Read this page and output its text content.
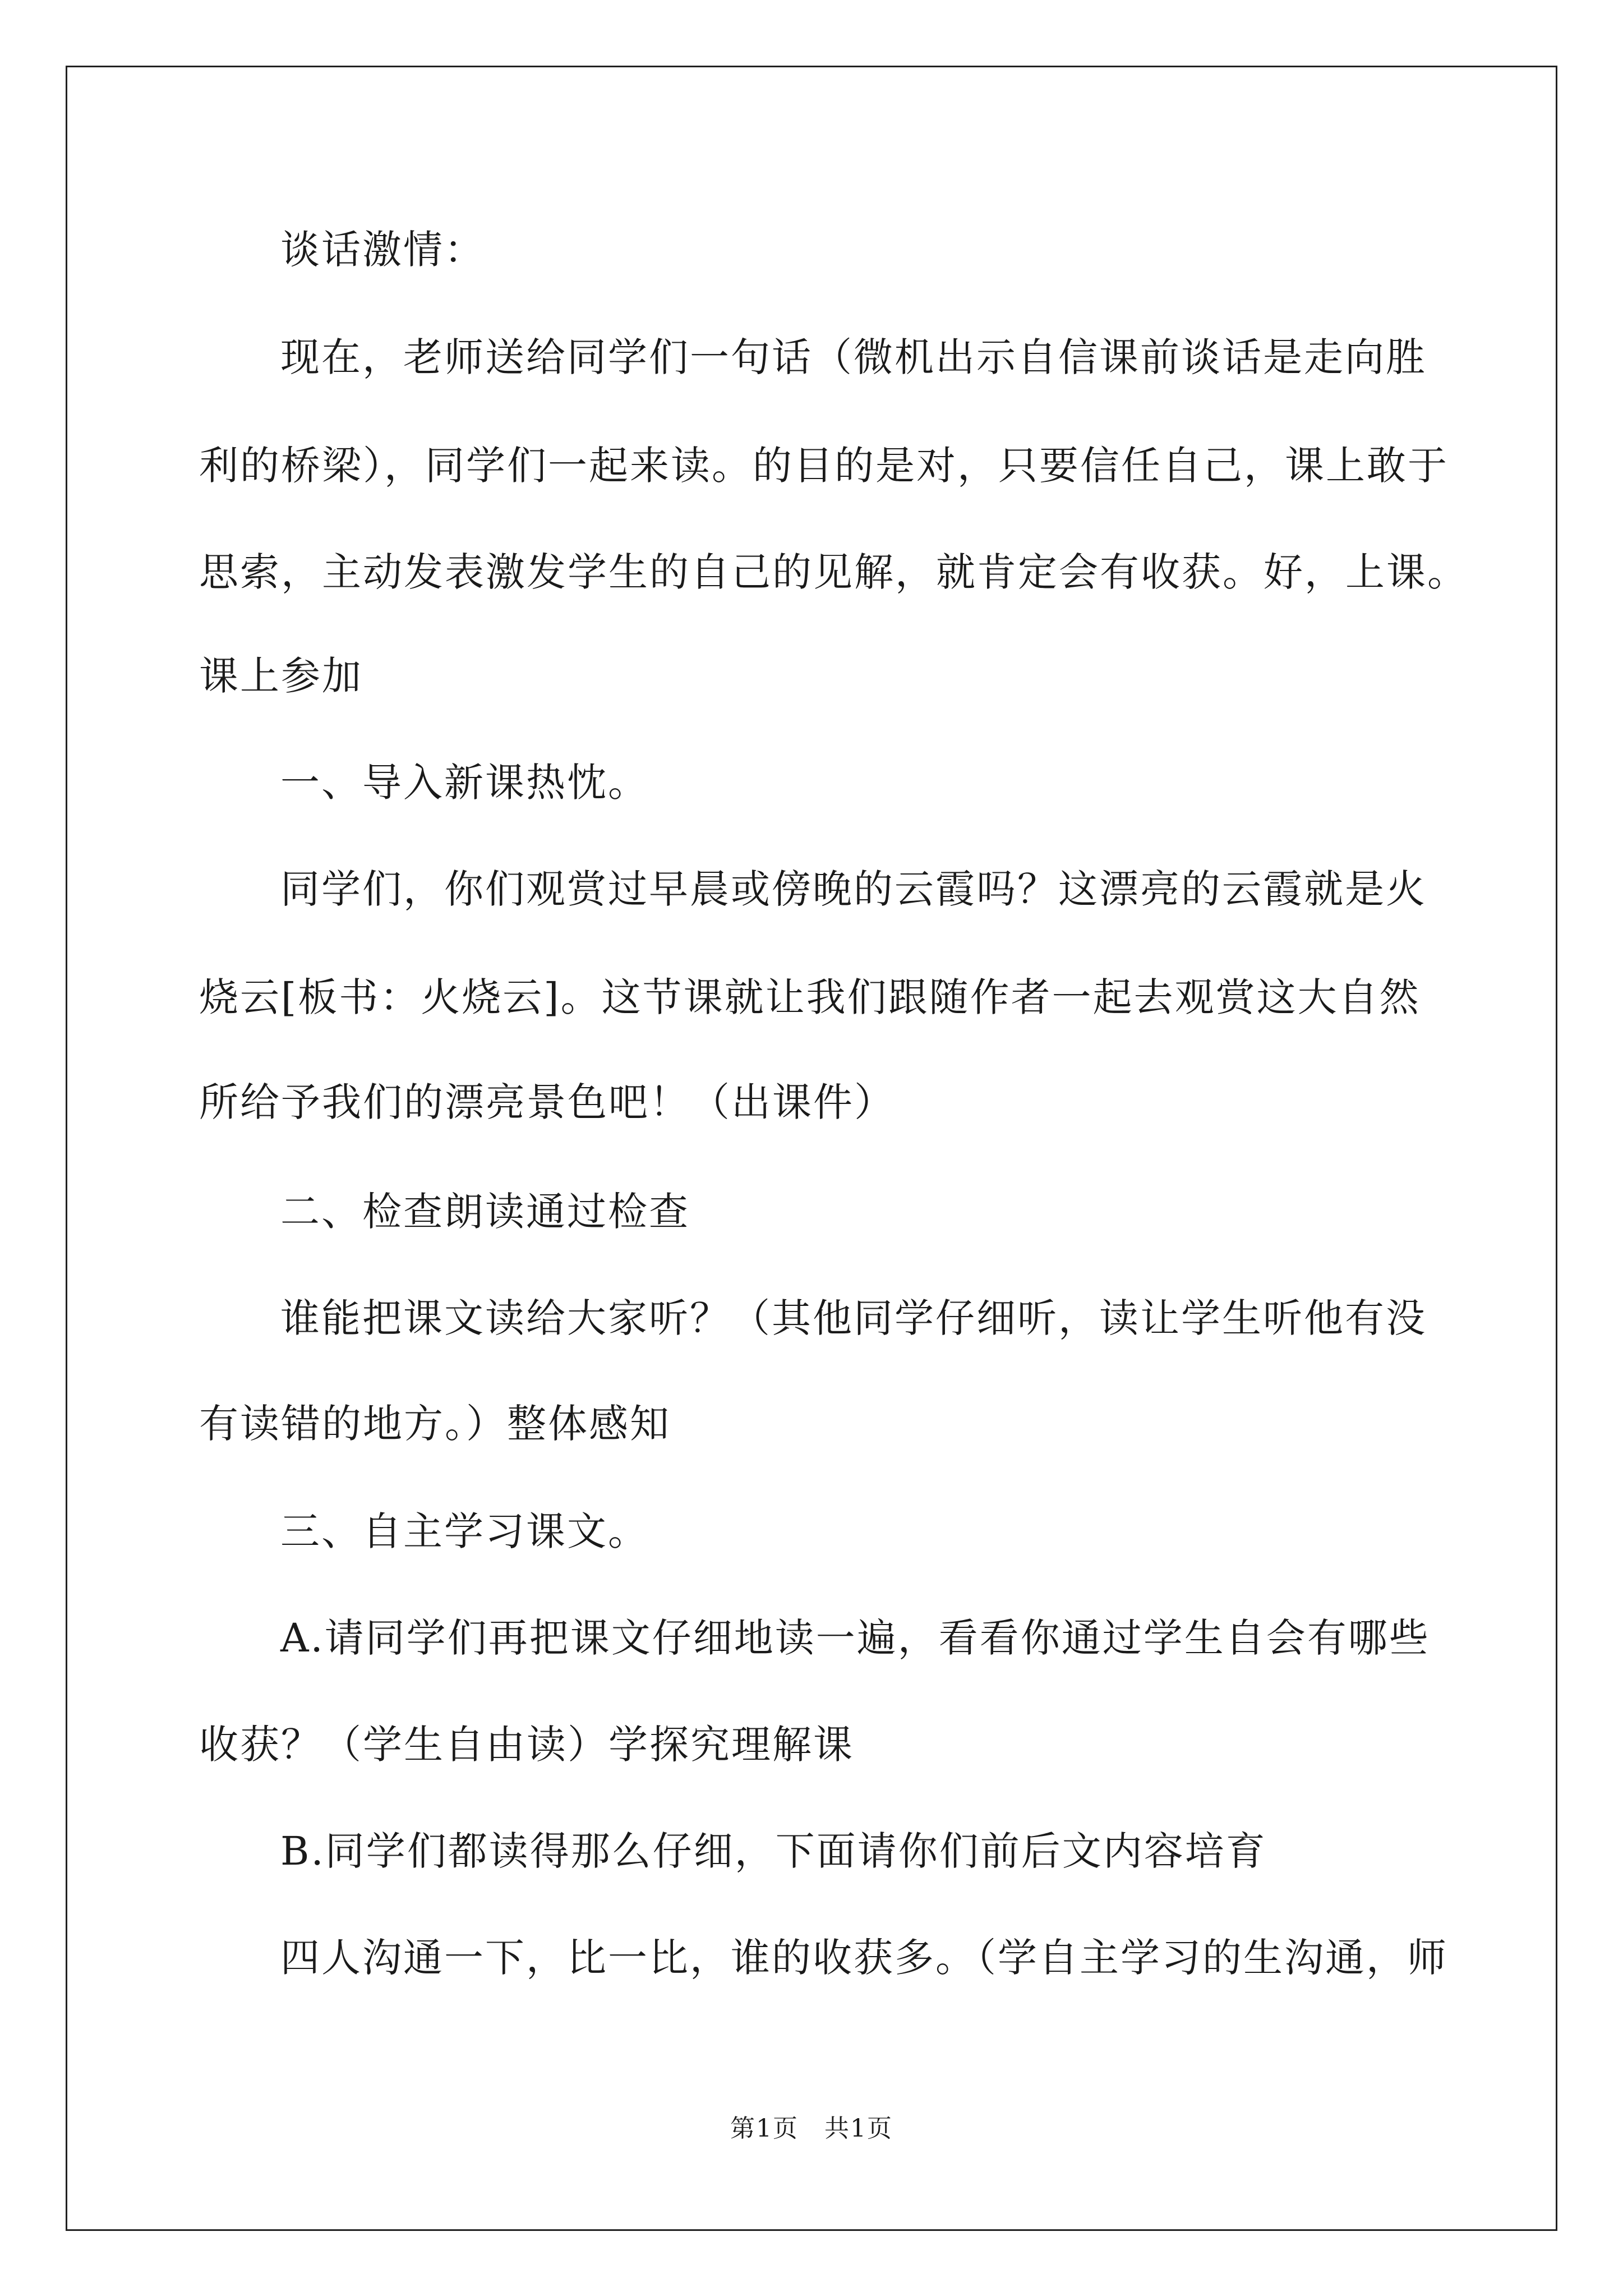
谈话激情：
现在，老师送给同学们一句话（微机出示自信课前谈话是走向胜
利的桥梁），同学们一起来读。的目的是对，只要信任自己，课上敢于
思索，主动发表激发学生的自己的见解，就肯定会有收获。好，上课。
课上参加
一、导入新课热忱。
同学们，你们观赏过早晨或傍晚的云霞吗？这漂亮的云霞就是火
烧云[板书：火烧云]。这节课就让我们跟随作者一起去观赏这大自然
所给予我们的漂亮景色吧！（出课件）
二、检查朗读通过检查
谁能把课文读给大家听？（其他同学仔细听，读让学生听他有没
有读错的地方。）整体感知
三、自主学习课文。
A.请同学们再把课文仔细地读一遍，看看你通过学生自会有哪些
收获？（学生自由读）学探究理解课
B.同学们都读得那么仔细，下面请你们前后文内容培育
四人沟通一下，比一比，谁的收获多。（学自主学习的生沟通，师
第1页　共1页
